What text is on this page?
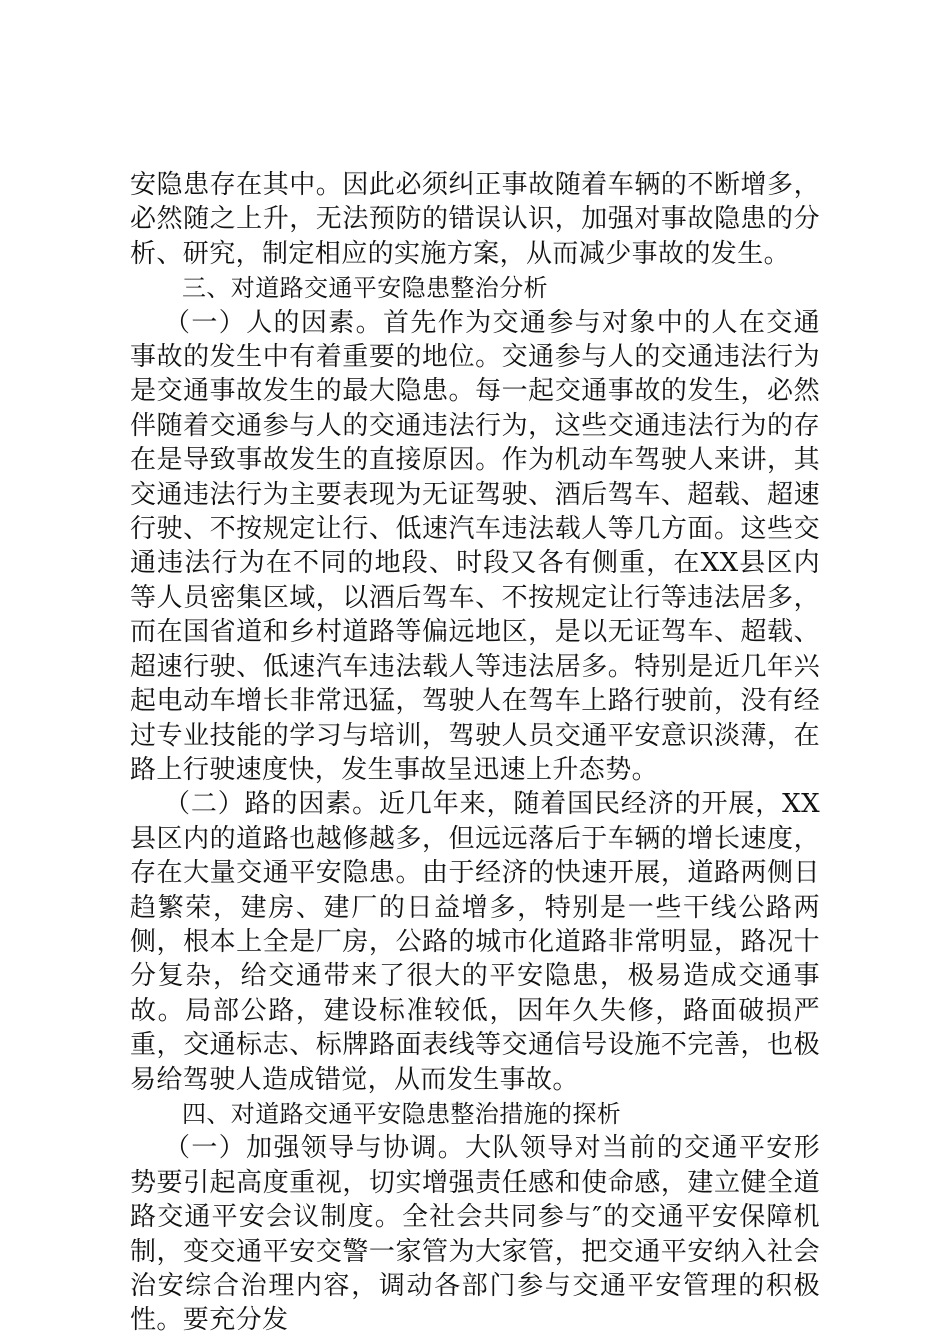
安隐患存在其中。因此必须纠正事故随着车辆的不断增多，必然随之上升，无法预防的错误认识，加强对事故隐患的分析、研究，制定相应的实施方案，从而减少事故的发生。

三、对道路交通平安隐患整治分析

（一）人的因素。首先作为交通参与对象中的人在交通事故的发生中有着重要的地位。交通参与人的交通违法行为是交通事故发生的最大隐患。每一起交通事故的发生，必然伴随着交通参与人的交通违法行为，这些交通违法行为的存在是导致事故发生的直接原因。作为机动车驾驶人来讲，其交通违法行为主要表现为无证驾驶、酒后驾车、超载、超速行驶、不按规定让行、低速汽车违法载人等几方面。这些交通违法行为在不同的地段、时段又各有侧重，在XX县区内等人员密集区域，以酒后驾车、不按规定让行等违法居多，而在国省道和乡村道路等偏远地区，是以无证驾车、超载、超速行驶、低速汽车违法载人等违法居多。特别是近几年兴起电动车增长非常迅猛，驾驶人在驾车上路行驶前，没有经过专业技能的学习与培训，驾驶人员交通平安意识淡薄，在路上行驶速度快，发生事故呈迅速上升态势。

（二）路的因素。近几年来，随着国民经济的开展，XX县区内的道路也越修越多，但远远落后于车辆的增长速度，存在大量交通平安隐患。由于经济的快速开展，道路两侧日趋繁荣，建房、建厂的日益增多，特别是一些干线公路两侧，根本上全是厂房，公路的城市化道路非常明显，路况十分复杂，给交通带来了很大的平安隐患，极易造成交通事故。局部公路，建设标准较低，因年久失修，路面破损严重，交通标志、标牌路面表线等交通信号设施不完善，也极易给驾驶人造成错觉，从而发生事故。

四、对道路交通平安隐患整治措施的探析

（一）加强领导与协调。大队领导对当前的交通平安形势要引起高度重视，切实增强责任感和使命感，建立健全道路交通平安会议制度。全社会共同参与″的交通平安保障机制，变交通平安交警一家管为大家管，把交通平安纳入社会治安综合治理内容，调动各部门参与交通平安管理的积极性。要充分发
